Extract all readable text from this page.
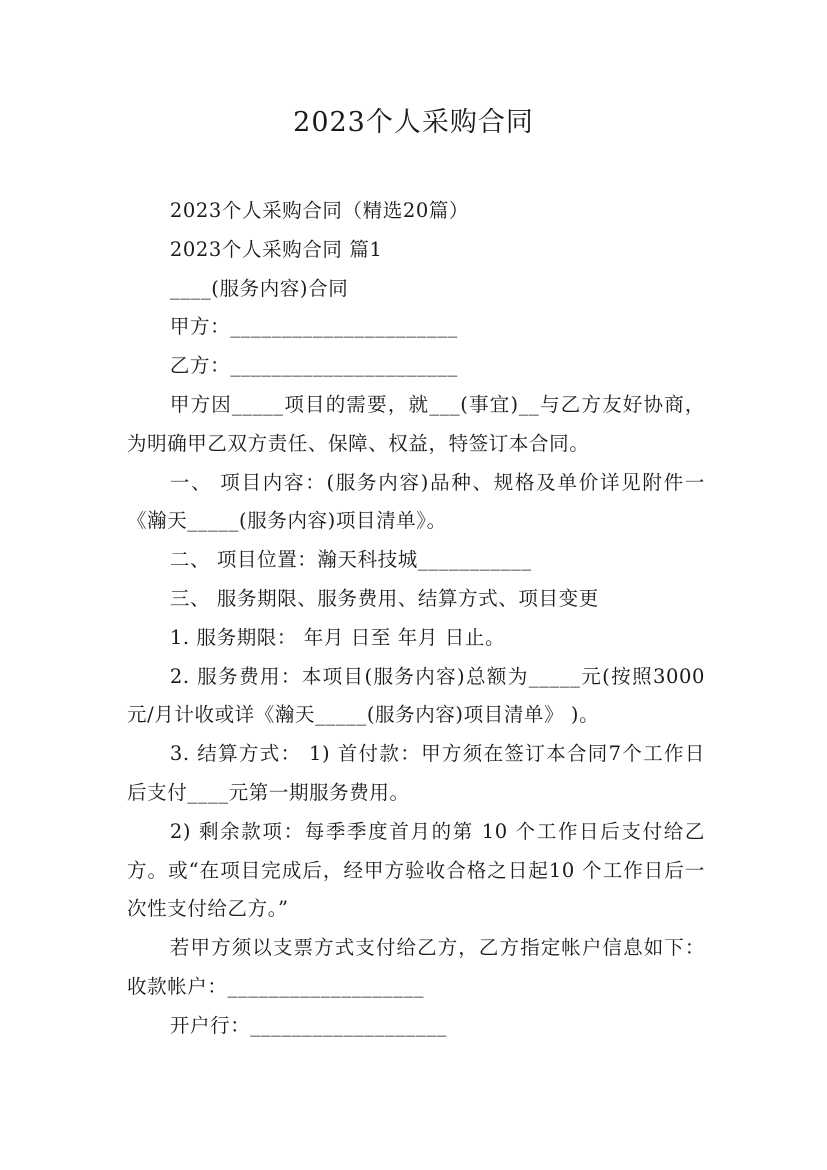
2023个人采购合同

2023个人采购合同（精选20篇）

2023个人采购合同 篇1

____(服务内容)合同

甲方：______________________

乙方：______________________

甲方因_____项目的需要，就___(事宜)__与乙方友好协商，为明确甲乙双方责任、保障、权益，特签订本合同。

一、 项目内容：(服务内容)品种、规格及单价详见附件一《瀚天_____(服务内容)项目清单》。

二、 项目位置：瀚天科技城___________

三、 服务期限、服务费用、结算方式、项目变更

1. 服务期限： 年月 日至 年月 日止。

2. 服务费用：本项目(服务内容)总额为_____元(按照3000元/月计收或详《瀚天_____(服务内容)项目清单》 )。

3. 结算方式： 1) 首付款：甲方须在签订本合同7个工作日后支付____元第一期服务费用。

2) 剩余款项：每季季度首月的第 10 个工作日后支付给乙方。或“在项目完成后，经甲方验收合格之日起10 个工作日后一次性支付给乙方。”

若甲方须以支票方式支付给乙方，乙方指定帐户信息如下： 收款帐户：___________________

开户行：___________________
